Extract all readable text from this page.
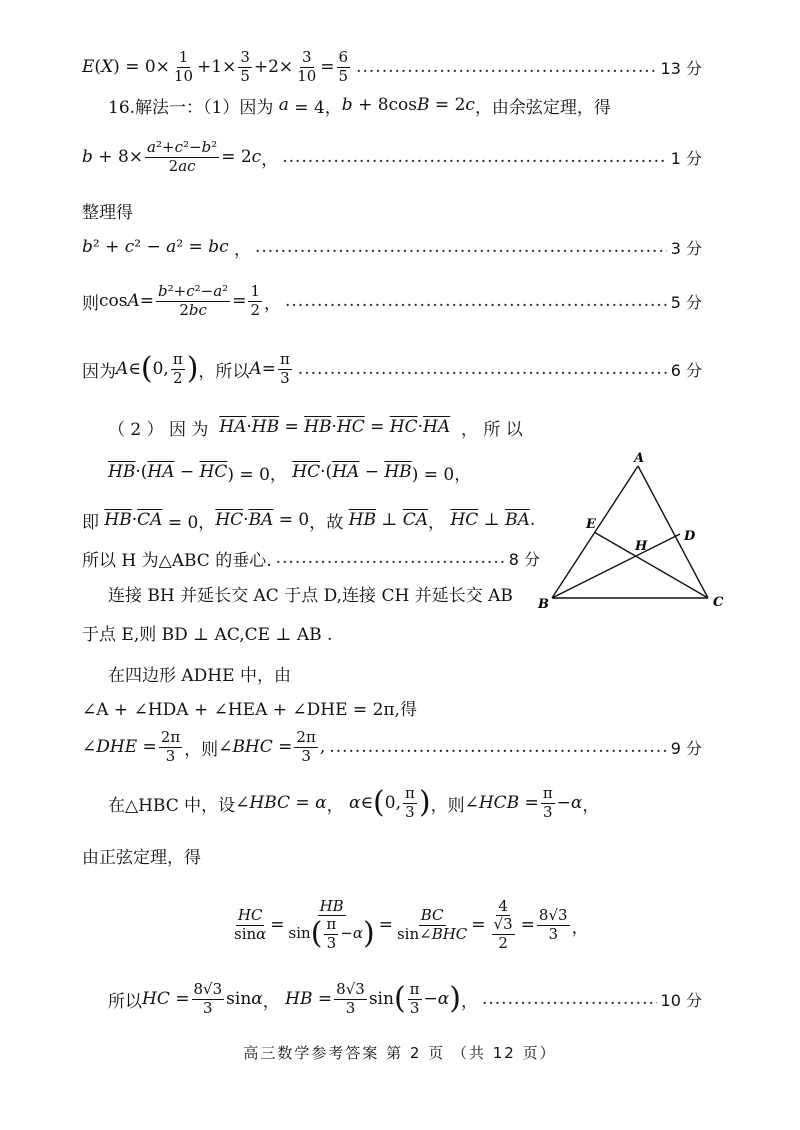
E ( X ) = $0\times \frac{1}{10} +1\times \frac{3}{5} +2\times \frac{3}{10} = \frac{6}{5}$ .....	13 分
16.解法一：（1）因为 a = 4， b + 8cos B = 2 c ，由余弦定理，得
$b + 8\times \frac{\text{a²+c²−b²}}{2ac} = 2$ c ， .....	1 分
整理得
b ² + c ² − a ² = bc ， .....	3 分
则 $\cos A = \frac{\text{b²+c²−a²}}{2bc} = \frac{1}{2}$ ， .....	5 分
因为 A ∈ ( 0, $\frac{\pi}{2}$ ) ，所以 $A = \frac{\pi}{3}$ .....	6 分
（ 2 ） 因 为
$\overline{HA} \cdot \overline{HB} = \overline{HB} \cdot \overline{HC} = \overline{HC} \cdot \overline{HA}$
， 所 以
$\overline{HB}$ ·( $\overline{HA} - \overline{HC}$ ) = 0， $\overline{HC}$ ·( $\overline{HA} - \overline{HB}$ ) = 0，
即
$\overline{HB} \cdot \overline{CA} = 0$， $\overline{HC} \cdot \overline{BA} = 0$ ，故
$\overline{HB}$ ⊥ $\overline{CA}$ ， $\overline{HC}$ ⊥ $\overline{BA}$ .
所以 H 为△ABC 的垂心. .....	8 分
连接 BH 并延长交 AC 于点 D,连接 CH 并延长交 AB
于点 E,则 BD ⊥ AC,CE ⊥ AB .
A
B	C
D
E
H
在四边形 ADHE 中，由
∠A + ∠HDA + ∠HEA + ∠DHE = 2π,得
∠ DHE = $\frac{2\pi}{3}$ ，则 ∠ BHC = $\frac{2\pi}{3}$ , .....	9 分
在△HBC 中，设 ∠ HBC = α ， α ∈ ( 0, $\frac{\pi}{3}$ ) ，则 ∠ HCB = $\frac{\pi}{3} - \alpha$ ，
由正弦定理，得
$\frac{HC}{\sin\alpha} = \frac{HB}{\sin( \frac{\pi}{3} -\alpha)} = \frac{BC}{\text{sin∠BHC}} = \frac{4}{\frac{√3}{2}} = \frac{8√3}{3}$ ，
所以 HC = $\frac{8√3}{3}$ sin α ， HB = $\frac{8√3}{3}$ sin ( $\frac{\pi}{3} - \alpha$ ) ， .....	10 分
高三数学参考答案 第 2 页 （共 12 页）
